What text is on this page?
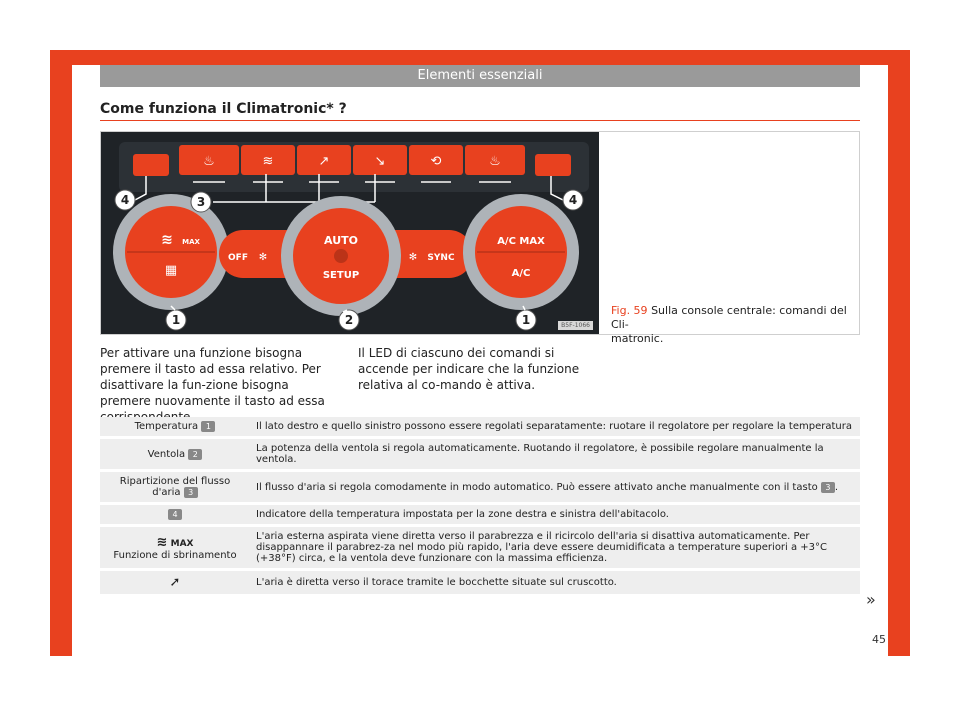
Elementi essenziali
Come funziona il Climatronic* ?
♨	≋	↗	↘	⟲	♨
≋ MAX
▦
OFF ✻
AUTO
SETUP
✻ SYNC
A/C MAX
A/C
4	4
3
1	2	1	B5F-1066
Fig. 59 Sulla console centrale: comandi del Cli-
matronic.
Per attivare una funzione bisogna premere il tasto ad essa relativo. Per disattivare la fun-zione bisogna premere nuovamente il tasto ad essa
Il LED di ciascuno dei comandi si accende per indicare che la funzione relativa al co-mando è attiva.
Temperatura 1	Il lato destro e quello sinistro possono essere regolati separatamente: ruotare il regolatore per regolare la temperatura
Ventola 2	La potenza della ventola si regola automaticamente. Ruotando il regolatore, è possibile regolare manualmente la ventola.
Ripartizione del flusso d'aria 3	Il flusso d'aria si regola comodamente in modo automatico. Può essere attivato anche manualmente con il tasto 3 .
4	Indicatore della temperatura impostata per la zone destra e sinistra dell'abitacolo.

≋ MAX
Funzione di sbrinamento	L'aria esterna aspirata viene diretta verso il parabrezza e il ricircolo dell'aria si disattiva automaticamente. Per disappannare il parabrez-za nel modo più rapido, l'aria deve essere deumidificata a temperature superiori a +3°C (+38°F) circa, e la ventola deve funzionare con la massima efficienza.
➚	L'aria è diretta verso il torace tramite le bocchette situate sul cruscotto.
»
45
